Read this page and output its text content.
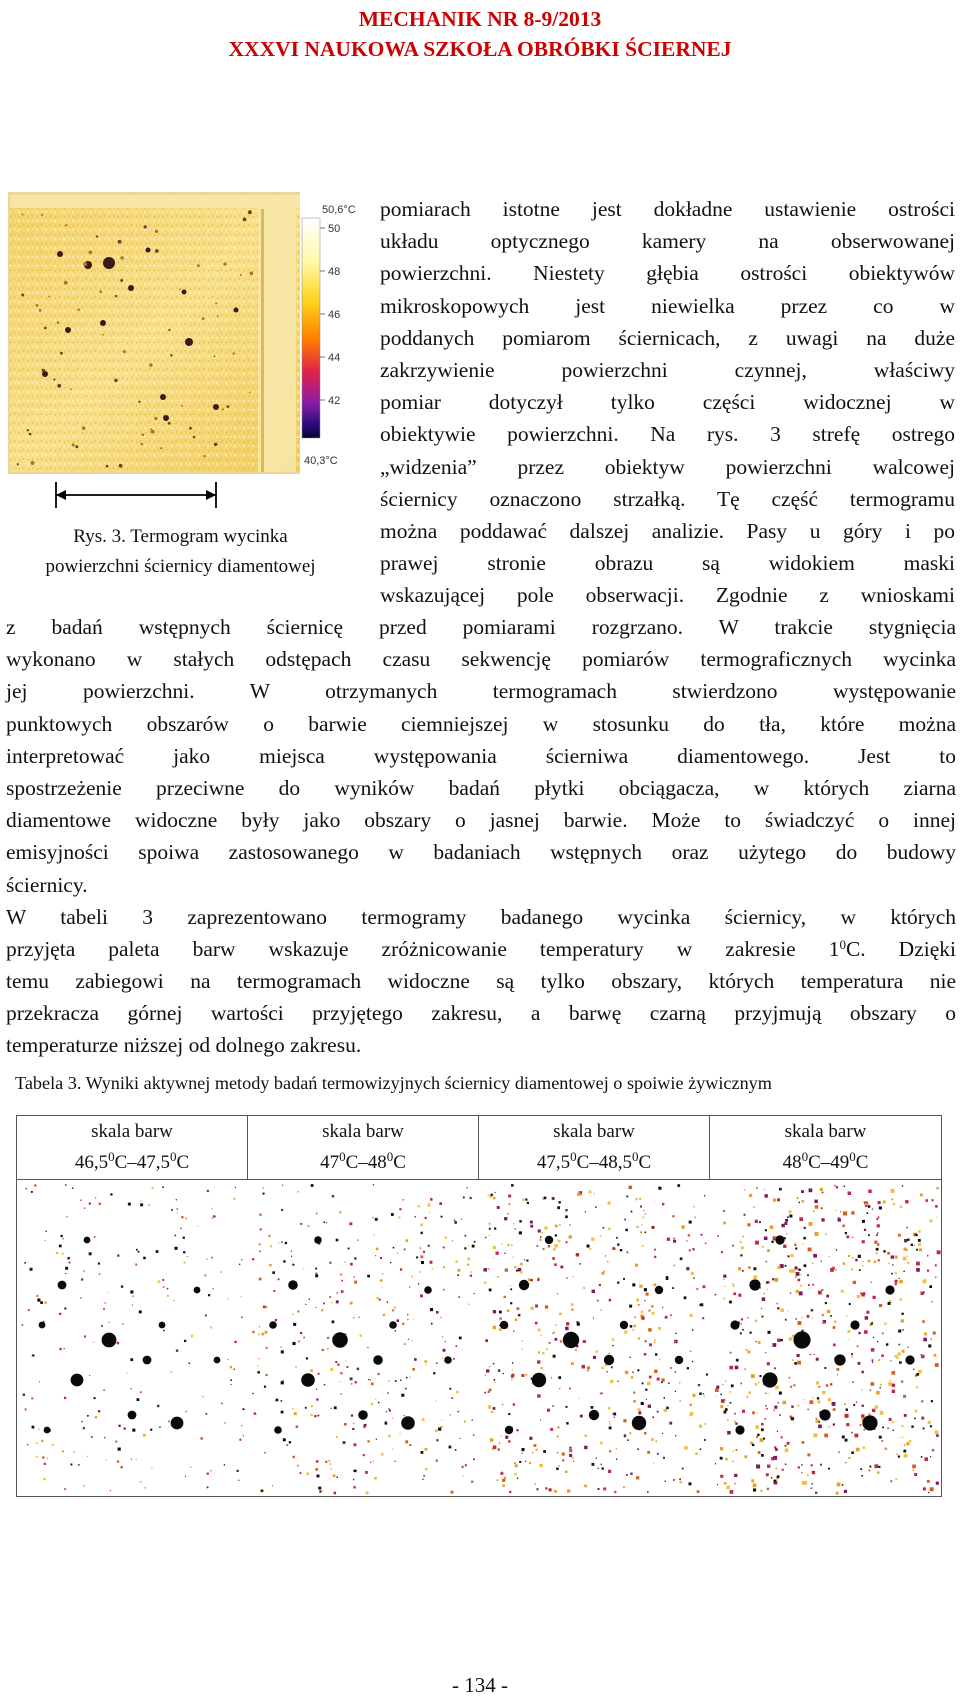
MECHANIK NR 8-9/2013
XXXVI NAUKOWA SZKOŁA OBRÓBKI ŚCIERNEJ
50,6°C
40,3°C
50
48
46
44
42
Rys. 3. Termogram wycinka
powierzchni ściernicy diamentowej
pomiarach istotne jest dokładne ustawienie ostrości
układu optycznego kamery na obserwowanej
powierzchni. Niestety głębia ostrości obiektywów
mikroskopowych jest niewielka przez co w
poddanych pomiarom ściernicach, z uwagi na duże
zakrzywienie powierzchni czynnej, właściwy
pomiar dotyczył tylko części widocznej w
obiektywie powierzchni. Na rys. 3 strefę ostrego
„widzenia” przez obiektyw powierzchni walcowej
ściernicy oznaczono strzałką. Tę część termogramu
można poddawać dalszej analizie. Pasy u góry i po
prawej stronie obrazu są widokiem maski
wskazującej pole obserwacji. Zgodnie z wnioskami
z badań wstępnych ściernicę przed pomiarami rozgrzano. W trakcie stygnięcia
wykonano w stałych odstępach czasu sekwencję pomiarów termograficznych wycinka
jej powierzchni. W otrzymanych termogramach stwierdzono występowanie
punktowych obszarów o barwie ciemniejszej w stosunku do tła, które można
interpretować jako miejsca występowania ścierniwa diamentowego. Jest to
spostrzeżenie przeciwne do wyników badań płytki obciągacza, w których ziarna
diamentowe widoczne były jako obszary o jasnej barwie. Może to świadczyć o innej
emisyjności spoiwa zastosowanego w badaniach wstępnych oraz użytego do budowy
ściernicy.
W tabeli 3 zaprezentowano termogramy badanego wycinka ściernicy, w których
przyjęta paleta barw wskazuje zróżnicowanie temperatury w zakresie $1^0C$. Dzięki
temu zabiegowi na termogramach widoczne są tylko obszary, których temperatura nie
przekracza górnej wartości przyjętego zakresu, a barwę czarną przyjmują obszary o
temperaturze niższej od dolnego zakresu.
Tabela 3. Wyniki aktywnej metody badań termowizyjnych ściernicy diamentowej o spoiwie żywicznym
skala barw
46,5$^0$C–47,5$^0$C
skala barw
$47^0C-48^0C$
skala barw
47,5$^0$C–48,5$^0$C
skala barw
$48^0C-49^0C$
- 134 -
